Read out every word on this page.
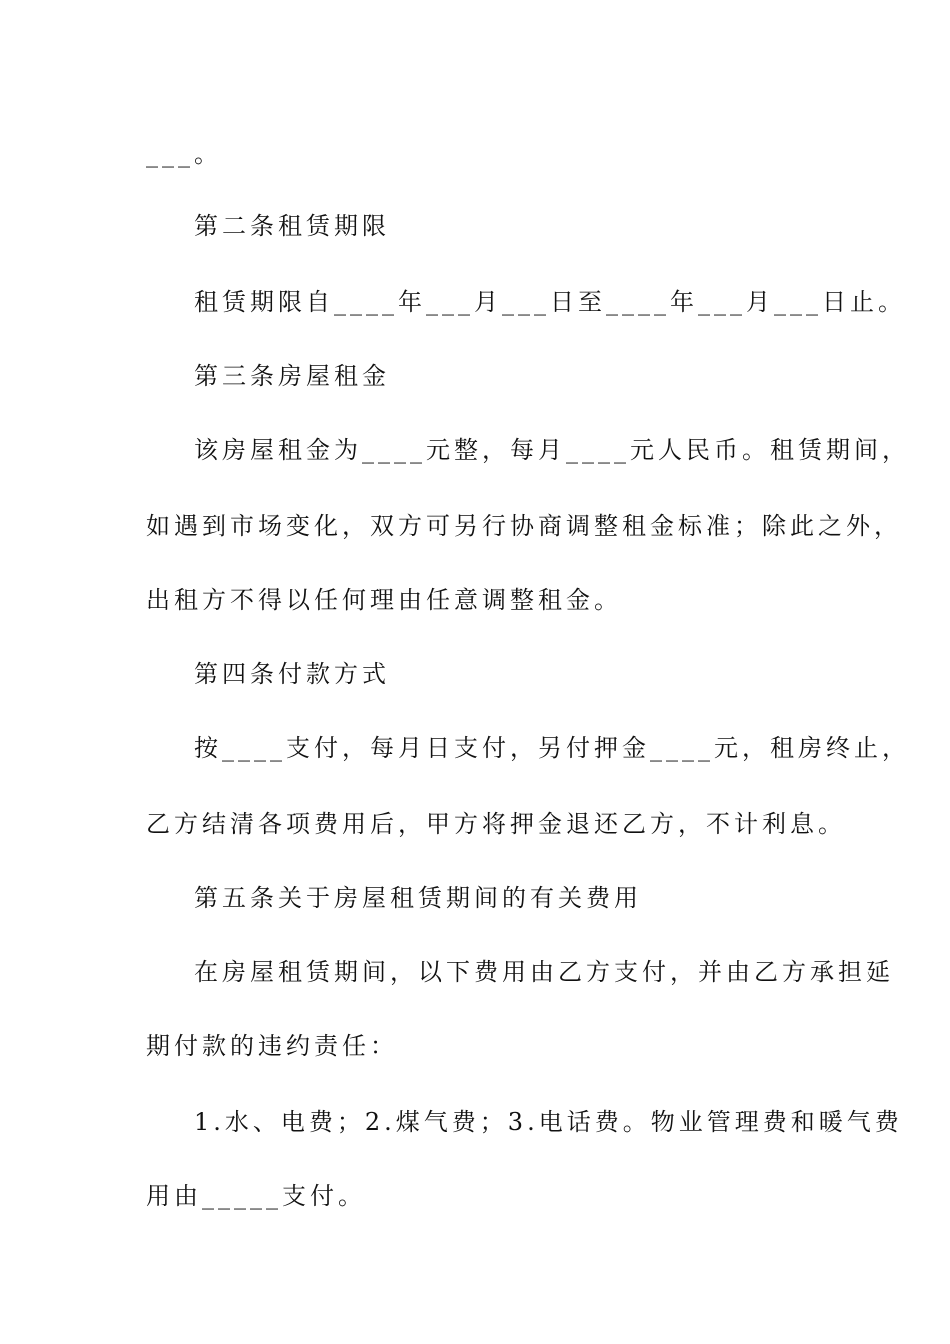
___。
第二条租赁期限
租赁期限自____年___月___日至____年___月___日止。
第三条房屋租金
该房屋租金为____元整，每月____元人民币。租赁期间，
如遇到市场变化，双方可另行协商调整租金标准；除此之外，
出租方不得以任何理由任意调整租金。
第四条付款方式
按____支付，每月日支付，另付押金____元，租房终止，
乙方结清各项费用后，甲方将押金退还乙方，不计利息。
第五条关于房屋租赁期间的有关费用
在房屋租赁期间，以下费用由乙方支付，并由乙方承担延
期付款的违约责任：
1.水、电费；2.煤气费；3.电话费。物业管理费和暖气费
用由_____支付。
